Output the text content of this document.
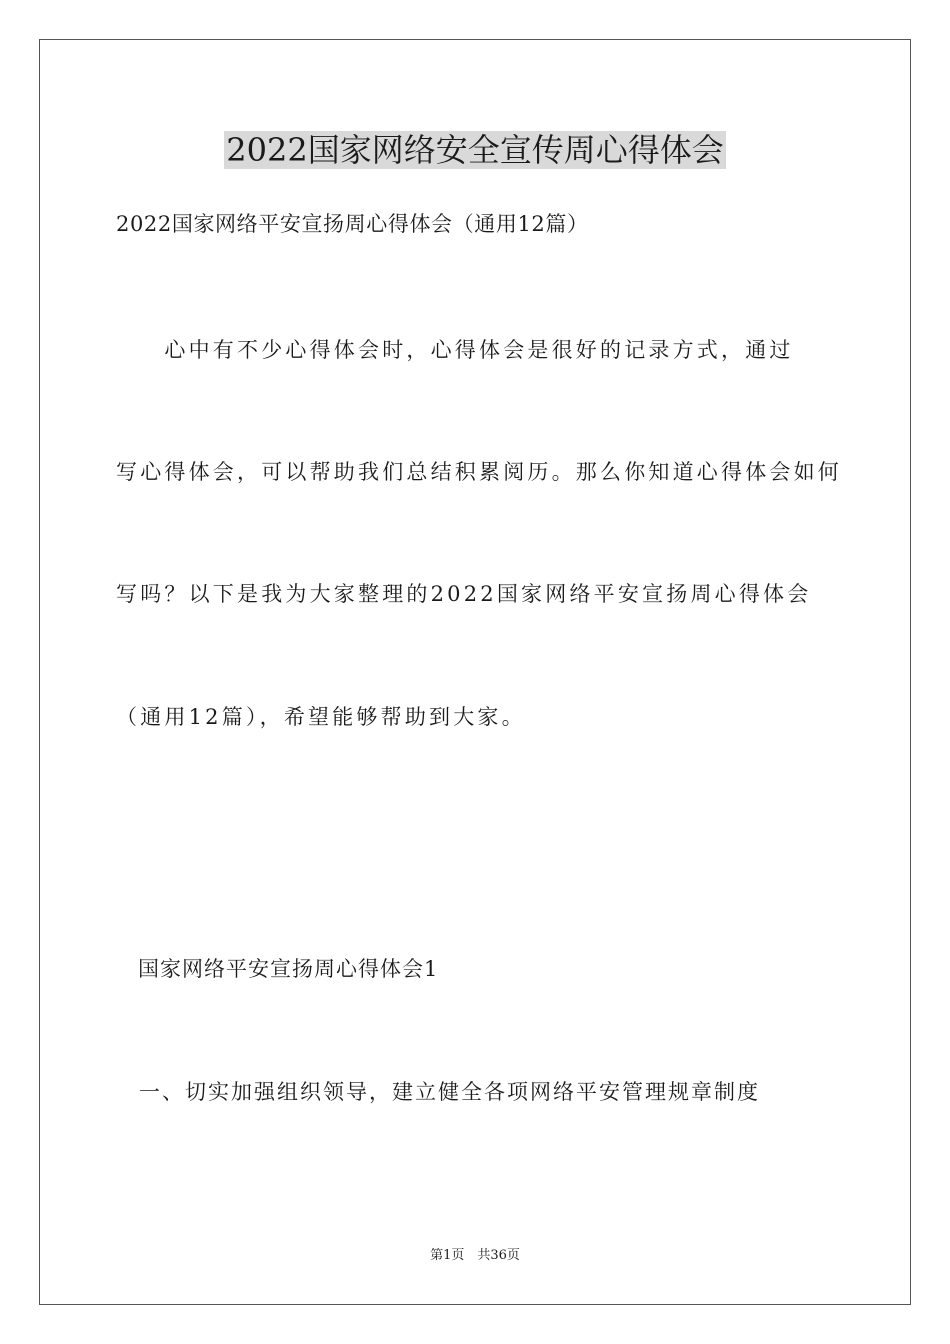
2022国家网络安全宣传周心得体会
2022国家网络平安宣扬周心得体会（通用12篇）
　　心中有不少心得体会时，心得体会是很好的记录方式，通过
写心得体会，可以帮助我们总结积累阅历。那么你知道心得体会如何
写吗？以下是我为大家整理的2022国家网络平安宣扬周心得体会
（通用12篇），希望能够帮助到大家。
　国家网络平安宣扬周心得体会1
　一、切实加强组织领导，建立健全各项网络平安管理规章制度
第1页　共36页
